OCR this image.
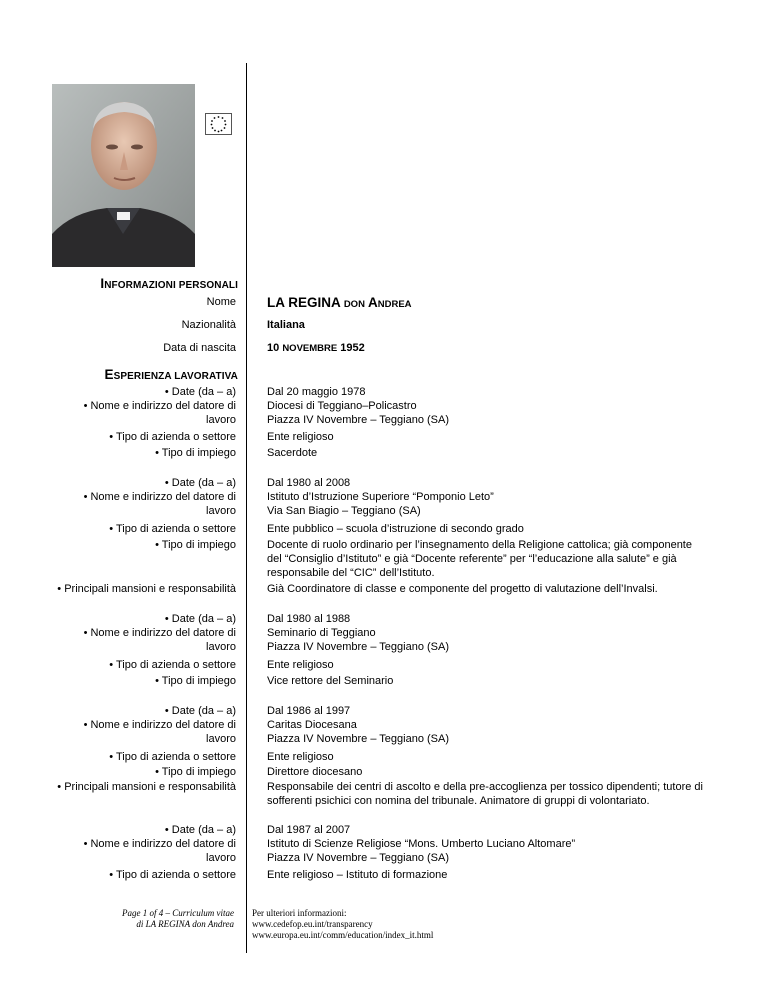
INFORMAZIONI PERSONALI
Nome LA REGINA DON ANDREA
Nazionalità	Italiana
Data di nascita	10 NOVEMBRE 1952
ESPERIENZA LAVORATIVA
• Date (da – a)
• Nome e indirizzo del datore di
lavoro
• Tipo di azienda o settore
• Tipo di impiego
Dal 20 maggio 1978
Diocesi di Teggiano–Policastro
Piazza IV Novembre – Teggiano (SA)
Ente religioso
Sacerdote
• Date (da – a)
• Nome e indirizzo del datore di
lavoro
• Tipo di azienda o settore
• Tipo di impiego
• Principali mansioni e responsabilità
Dal 1980 al 2008
Istituto d’Istruzione Superiore “Pomponio Leto”
Via San Biagio – Teggiano (SA)
Ente pubblico – scuola d’istruzione di secondo grado
Docente di ruolo ordinario per l’insegnamento della Religione cattolica; già componente del “Consiglio d’Istituto” e già “Docente referente” per “l’educazione alla salute” e già responsabile del “CIC” dell’Istituto.
Già Coordinatore di classe e componente del progetto di valutazione dell’Invalsi.
• Date (da – a)
• Nome e indirizzo del datore di
lavoro
• Tipo di azienda o settore
• Tipo di impiego
Dal 1980 al 1988
Seminario di Teggiano
Piazza IV Novembre – Teggiano (SA)
Ente religioso
Vice rettore del Seminario
• Date (da – a)
• Nome e indirizzo del datore di
lavoro
• Tipo di azienda o settore
• Tipo di impiego
• Principali mansioni e responsabilità
Dal 1986 al 1997
Caritas Diocesana
Piazza IV Novembre – Teggiano (SA)
Ente religioso
Direttore diocesano
Responsabile dei centri di ascolto e della pre-accoglienza per tossico dipendenti; tutore di sofferenti psichici con nomina del tribunale. Animatore di gruppi di volontariato.
• Date (da – a)
• Nome e indirizzo del datore di
lavoro
• Tipo di azienda o settore
Dal 1987 al 2007
Istituto di Scienze Religiose “Mons. Umberto Luciano Altomare”
Piazza IV Novembre – Teggiano (SA)
Ente religioso – Istituto di formazione
Page 1 of 4 – Curriculum vitae
di LA REGINA don Andrea
Per ulteriori informazioni:
www.cedefop.eu.int/transparency
www.europa.eu.int/comm/education/index_it.html
